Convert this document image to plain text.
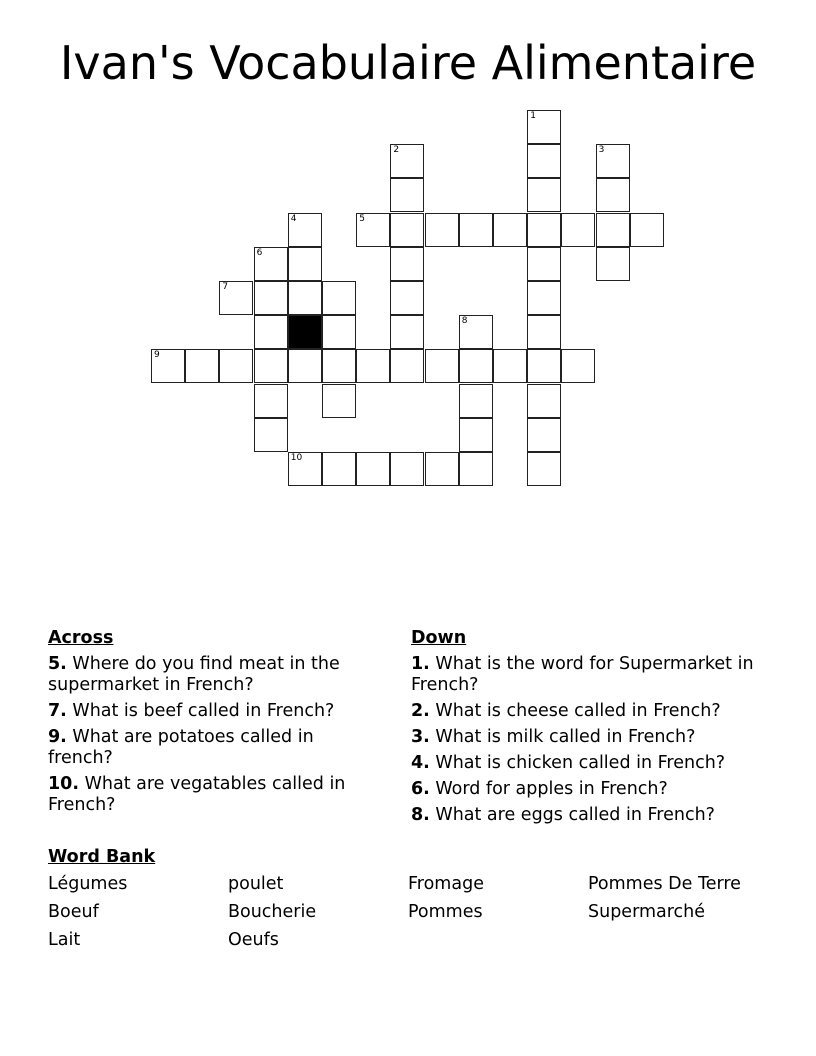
Ivan's Vocabulaire Alimentaire
1
2	3
4	5
6
7
8
9
10
Across
5. Where do you find meat in the supermarket in French?
7. What is beef called in French?
9. What are potatoes called in french?
10. What are vegatables called in French?
Down
1. What is the word for Supermarket in French?
2. What is cheese called in French?
3. What is milk called in French?
4. What is chicken called in French?
6. Word for apples in French?
8. What are eggs called in French?
Word Bank
Légumes	poulet	Fromage	Pommes De Terre
Boeuf	Boucherie	Pommes	Supermarché
Lait	Oeufs
